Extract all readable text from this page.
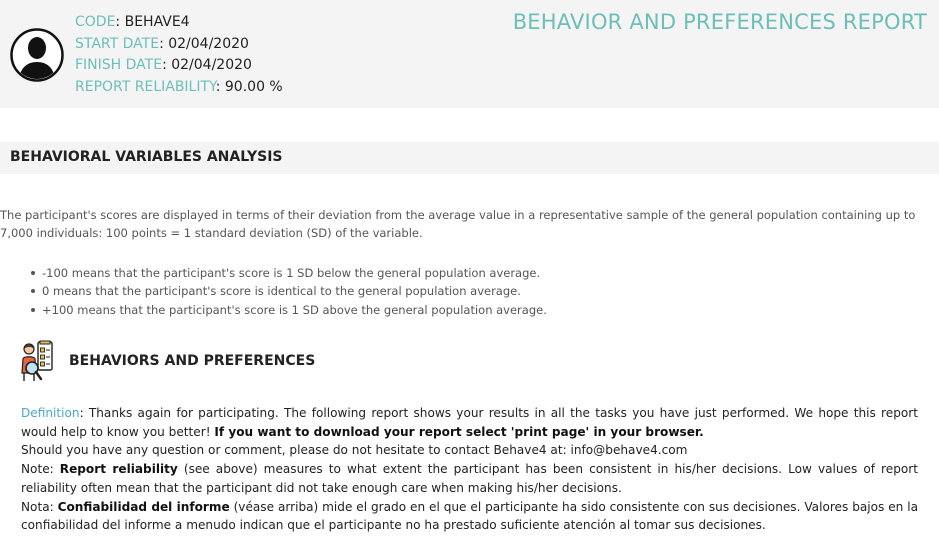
CODE: BEHAVE4
START DATE: 02/04/2020
FINISH DATE: 02/04/2020
REPORT RELIABILITY: 90.00 %
BEHAVIOR AND PREFERENCES REPORT
BEHAVIORAL VARIABLES ANALYSIS
The participant's scores are displayed in terms of their deviation from the average value in a representative sample of the general population containing up to 7,000 individuals: 100 points = 1 standard deviation (SD) of the variable.
-100 means that the participant's score is 1 SD below the general population average.
0 means that the participant's score is identical to the general population average.
+100 means that the participant's score is 1 SD above the general population average.
BEHAVIORS AND PREFERENCES

Definition: Thanks again for participating. The following report shows your results in all the tasks you have just performed. We hope this report would help to know you better! If you want to download your report select 'print page' in your browser.

Should you have any question or comment, please do not hesitate to contact Behave4 at: info@behave4.com

Note: Report reliability (see above) measures to what extent the participant has been consistent in his/her decisions. Low values of report reliability often mean that the participant did not take enough care when making his/her decisions.

Nota: Confiabilidad del informe (véase arriba) mide el grado en el que el participante ha sido consistente con sus decisiones. Valores bajos en la confiabilidad del informe a menudo indican que el participante no ha prestado suficiente atención al tomar sus decisiones.
